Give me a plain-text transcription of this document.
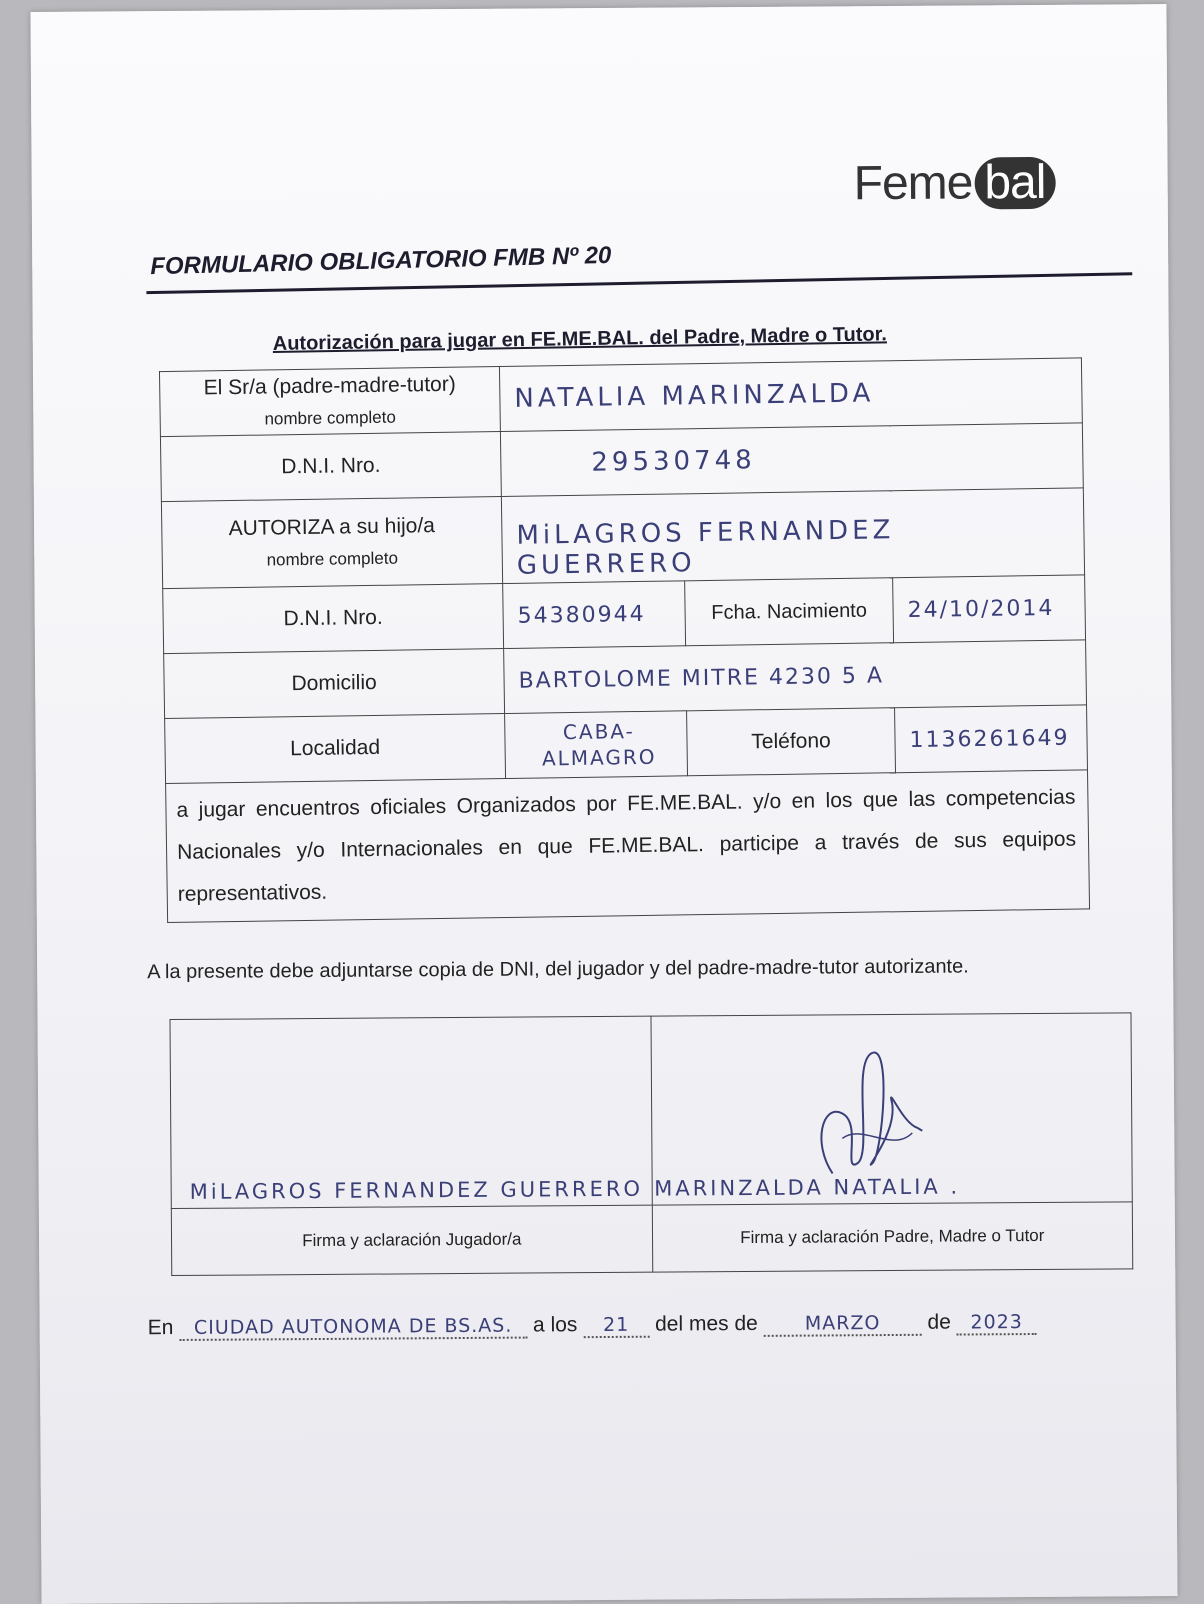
Feme bal
FORMULARIO OBLIGATORIO FMB Nº 20
Autorización para jugar en FE.ME.BAL. del Padre, Madre o Tutor.
El Sr/a (padre-madre-tutor)
nombre completo	NATALIA MARINZALDA		
D.N.I. Nro.	29530748		
AUTORIZA a su hijo/a
nombre completo	MiLAGROS FERNANDEZ GUERRERO		
D.N.I. Nro.	54380944	Fcha. Nacimiento	24/10/2014
Domicilio	BARTOLOME MITRE 4230 5 A		
Localidad	CABA-ALMAGRO	Teléfono	1136261649
a jugar encuentros oficiales Organizados por FE.ME.BAL. y/o en los que las competencias Nacionales y/o Internacionales en que FE.ME.BAL. participe a través de sus equipos representativos.			
A la presente debe adjuntarse copia de DNI, del jugador y del padre-madre-tutor autorizante.
MiLAGROS FERNANDEZ GUERRERO	MARINZALDA NATALIA .

Firma y aclaración Jugador/a	Firma y aclaración Padre, Madre o Tutor
En CIUDAD AUTONOMA DE BS.AS. a los 21 del mes de MARZO de 2023
